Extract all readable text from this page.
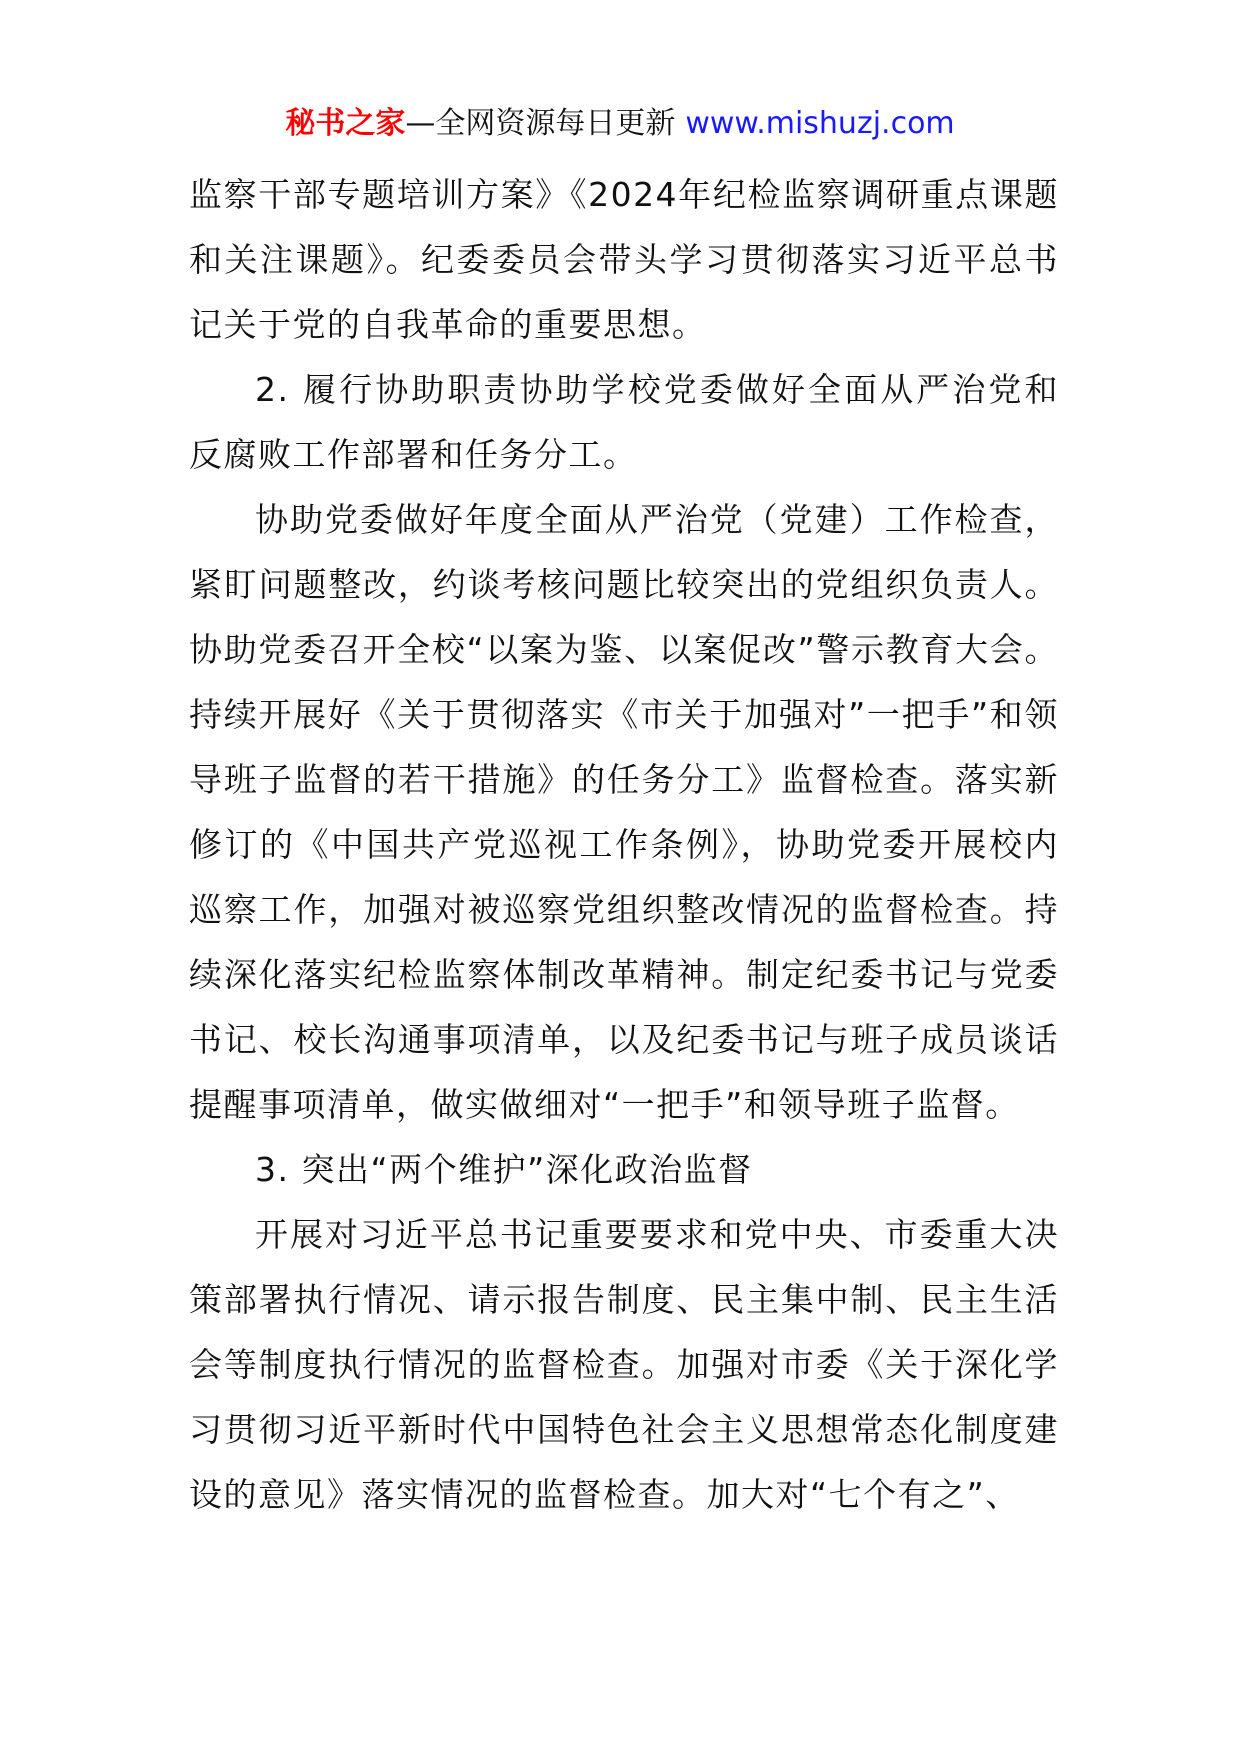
秘书之家—全网资源每日更新 www.mishuzj.com

监察干部专题培训方案》《2024年纪检监察调研重点课题和关注课题》。纪委委员会带头学习贯彻落实习近平总书记关于党的自我革命的重要思想。

2. 履行协助职责协助学校党委做好全面从严治党和反腐败工作部署和任务分工。

协助党委做好年度全面从严治党（党建）工作检查，紧盯问题整改，约谈考核问题比较突出的党组织负责人。协助党委召开全校“以案为鉴、以案促改”警示教育大会。持续开展好《关于贯彻落实《市关于加强对”一把手”和领导班子监督的若干措施》的任务分工》监督检查。落实新修订的《中国共产党巡视工作条例》，协助党委开展校内巡察工作，加强对被巡察党组织整改情况的监督检查。持续深化落实纪检监察体制改革精神。制定纪委书记与党委书记、校长沟通事项清单，以及纪委书记与班子成员谈话提醒事项清单，做实做细对“一把手”和领导班子监督。

3. 突出“两个维护”深化政治监督

开展对习近平总书记重要要求和党中央、市委重大决策部署执行情况、请示报告制度、民主集中制、民主生活会等制度执行情况的监督检查。加强对市委《关于深化学习贯彻习近平新时代中国特色社会主义思想常态化制度建设的意见》落实情况的监督检查。加大对“七个有之”、
